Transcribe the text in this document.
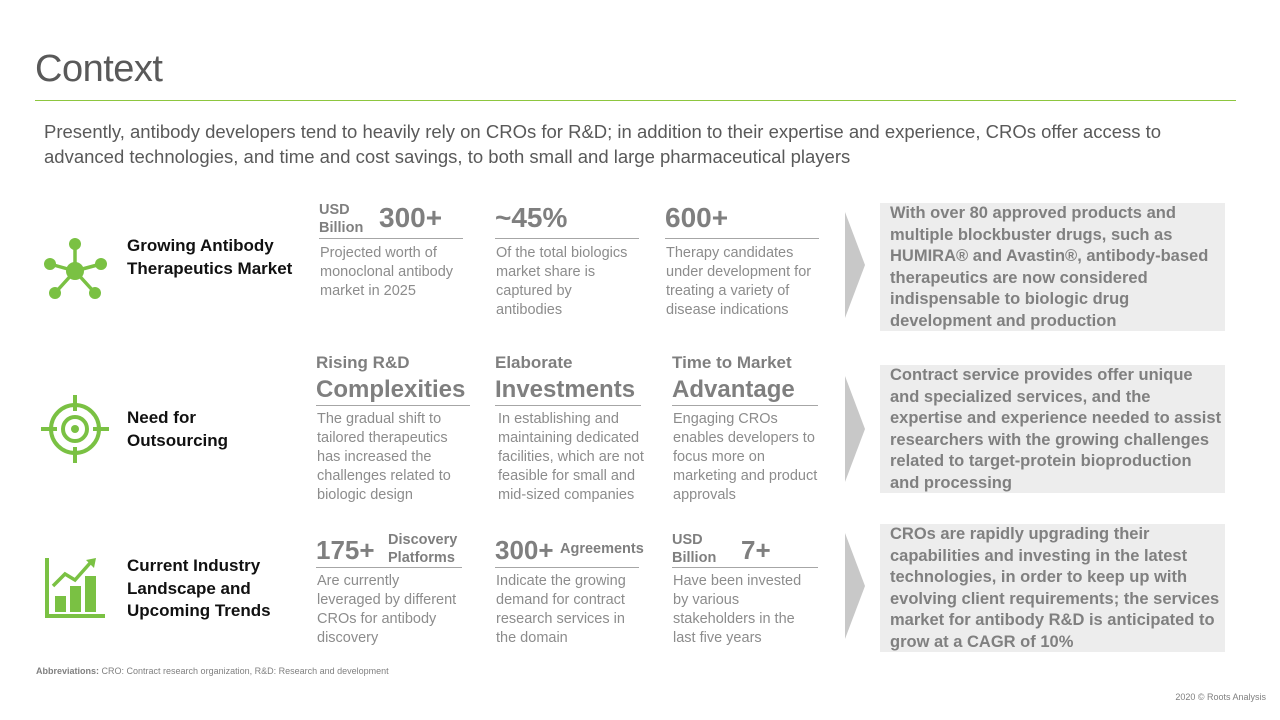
Context
Presently, antibody developers tend to heavily rely on CROs for R&D; in addition to their expertise and experience, CROs offer access to advanced technologies, and time and cost savings, to both small and large pharmaceutical players
Growing Antibody Therapeutics Market
USD Billion 300+
Projected worth of monoclonal antibody market in 2025
~45%
Of the total biologics market share is captured by antibodies
600+
Therapy candidates under development for treating a variety of disease indications
With over 80 approved products and multiple blockbuster drugs, such as HUMIRA® and Avastin®, antibody-based therapeutics are now considered indispensable to biologic drug development and production
Need for Outsourcing
Rising R&D
Complexities
The gradual shift to tailored therapeutics has increased the challenges related to biologic design
Elaborate
Investments
In establishing and maintaining dedicated facilities, which are not feasible for small and mid-sized companies
Time to Market
Advantage
Engaging CROs enables developers to focus more on marketing and product approvals
Contract service provides offer unique and specialized services, and the expertise and experience needed to assist researchers with the growing challenges related to target-protein bioproduction and processing
Current Industry Landscape and Upcoming Trends
175+ Discovery Platforms
Are currently leveraged by different CROs for antibody discovery
300+ Agreements
Indicate the growing demand for contract research services in the domain
USD Billion 7+
Have been invested by various stakeholders in the last five years
CROs are rapidly upgrading their capabilities and investing in the latest technologies, in order to keep up with evolving client requirements; the services market for antibody R&D is anticipated to grow at a CAGR of 10%
Abbreviations: CRO: Contract research organization, R&D: Research and development
2020 © Roots Analysis
